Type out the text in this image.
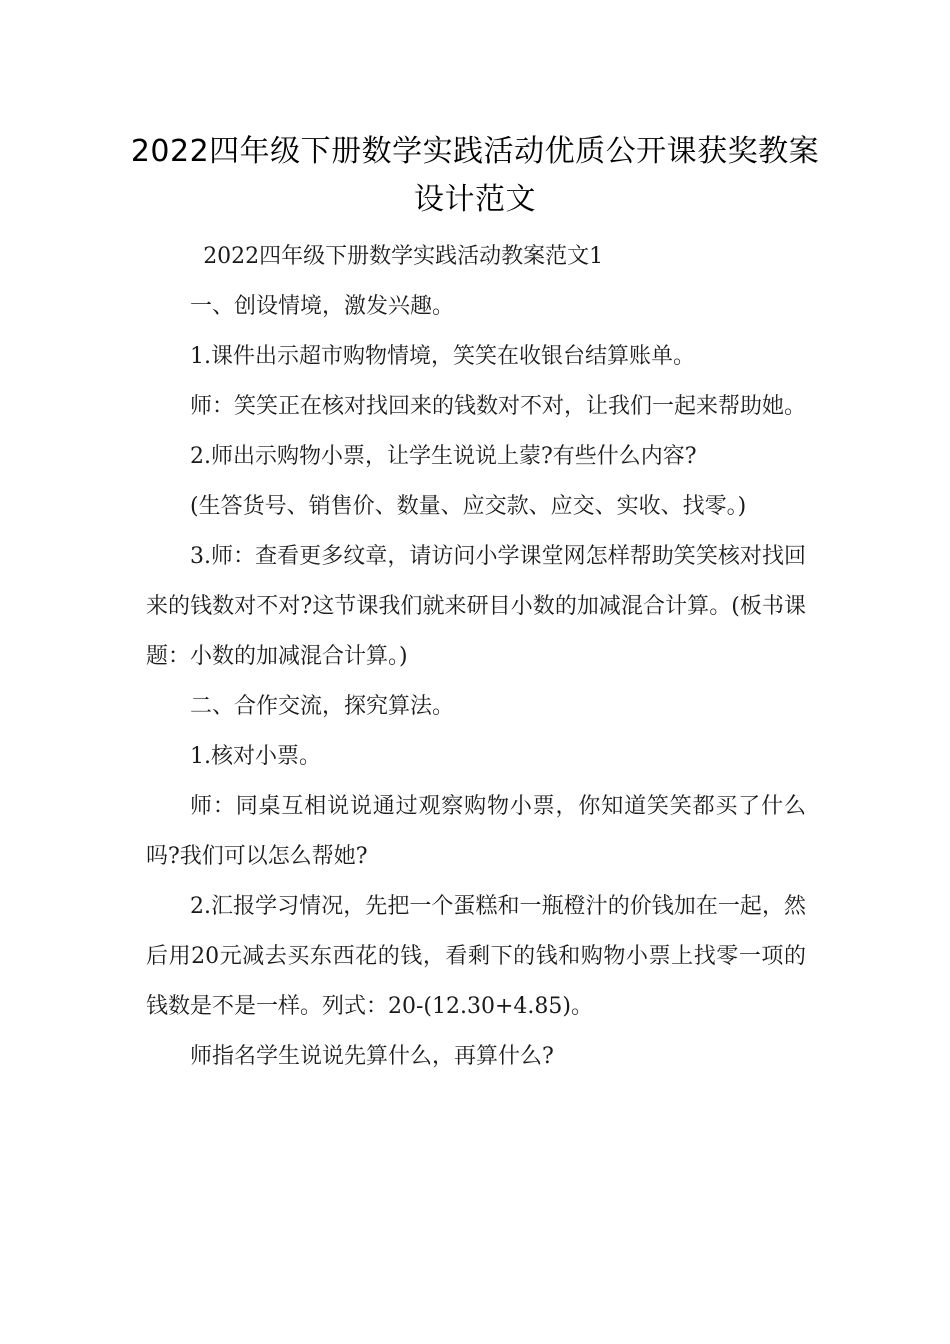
2022四年级下册数学实践活动优质公开课获奖教案
设计范文

2022四年级下册数学实践活动教案范文1

一、创设情境，激发兴趣。

1.课件出示超市购物情境，笑笑在收银台结算账单。

师：笑笑正在核对找回来的钱数对不对，让我们一起来帮助她。

2.师出示购物小票，让学生说说上蒙?有些什么内容?

(生答货号、销售价、数量、应交款、应交、实收、找零。)

3.师：查看更多纹章，请访问小学课堂网怎样帮助笑笑核对找回来的钱数对不对?这节课我们就来研目小数的加减混合计算。(板书课题：小数的加减混合计算。)

二、合作交流，探究算法。

1.核对小票。

师：同桌互相说说通过观察购物小票，你知道笑笑都买了什么吗?我们可以怎么帮她?

2.汇报学习情况，先把一个蛋糕和一瓶橙汁的价钱加在一起，然后用20元减去买东西花的钱，看剩下的钱和购物小票上找零一项的钱数是不是一样。列式：20-(12.30+4.85)。

师指名学生说说先算什么，再算什么?
